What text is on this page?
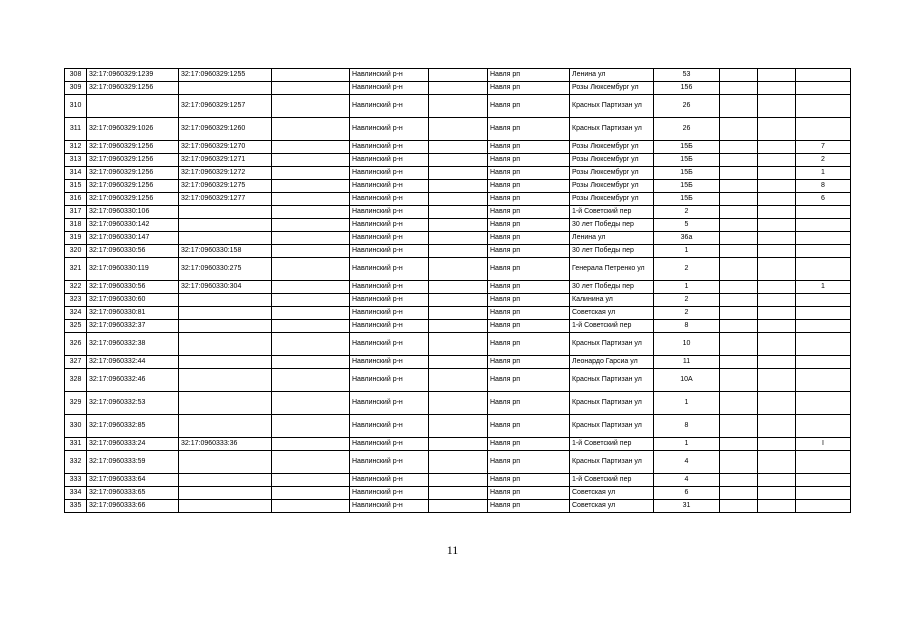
308	32:17:0960329:1239	32:17:0960329:1255		Навлинский р-н		Навля рп	Ленина ул	53			
309	32:17:0960329:1256			Навлинский р-н		Навля рп	Розы Люксембург ул	156			
310		32:17:0960329:1257		Навлинский р-н		Навля рп	Красных Партизан ул	26			
311	32:17:0960329:1026	32:17:0960329:1260		Навлинский р-н		Навля рп	Красных Партизан ул	26			
312	32:17:0960329:1256	32:17:0960329:1270		Навлинский р-н		Навля рп	Розы Люксембург ул	15Б			7
313	32:17:0960329:1256	32:17:0960329:1271		Навлинский р-н		Навля рп	Розы Люксембург ул	15Б			2
314	32:17:0960329:1256	32:17:0960329:1272		Навлинский р-н		Навля рп	Розы Люксембург ул	15Б			1
315	32:17:0960329:1256	32:17:0960329:1275		Навлинский р-н		Навля рп	Розы Люксембург ул	15Б			8
316	32:17:0960329:1256	32:17:0960329:1277		Навлинский р-н		Навля рп	Розы Люксембург ул	15Б			6
317	32:17:0960330:106			Навлинский р-н		Навля рп	1-й Советский пер	2			
318	32:17:0960330:142			Навлинский р-н		Навля рп	30 лет Победы пер	5			
319	32:17:0960330:147			Навлинский р-н		Навля рп	Ленина ул	36а			
320	32:17:0960330:56	32:17:0960330:158		Навлинский р-н		Навля рп	30 лет Победы пер	1			
321	32:17:0960330:119	32:17:0960330:275		Навлинский р-н		Навля рп	Генерала Петренко ул	2			
322	32:17:0960330:56	32:17:0960330:304		Навлинский р-н		Навля рп	30 лет Победы пер	1			1
323	32:17:0960330:60			Навлинский р-н		Навля рп	Калинина ул	2			
324	32:17:0960330:81			Навлинский р-н		Навля рп	Советская ул	2			
325	32:17:0960332:37			Навлинский р-н		Навля рп	1-й Советский пер	8			
326	32:17:0960332:38			Навлинский р-н		Навля рп	Красных Партизан ул	10			
327	32:17:0960332:44			Навлинский р-н		Навля рп	Леонардо Гарсиа ул	11			
328	32:17:0960332:46			Навлинский р-н		Навля рп	Красных Партизан ул	10А			
329	32:17:0960332:53			Навлинский р-н		Навля рп	Красных Партизан ул	1			
330	32:17:0960332:85			Навлинский р-н		Навля рп	Красных Партизан ул	8			
331	32:17:0960333:24	32:17:0960333:36		Навлинский р-н		Навля рп	1-й Советский пер	1			I
332	32:17:0960333:59			Навлинский р-н		Навля рп	Красных Партизан ул	4			
333	32:17:0960333:64			Навлинский р-н		Навля рп	1-й Советский пер	4			
334	32:17:0960333:65			Навлинский р-н		Навля рп	Советская ул	6			
335	32:17:0960333:66			Навлинский р-н		Навля рп	Советская ул	31			
11
